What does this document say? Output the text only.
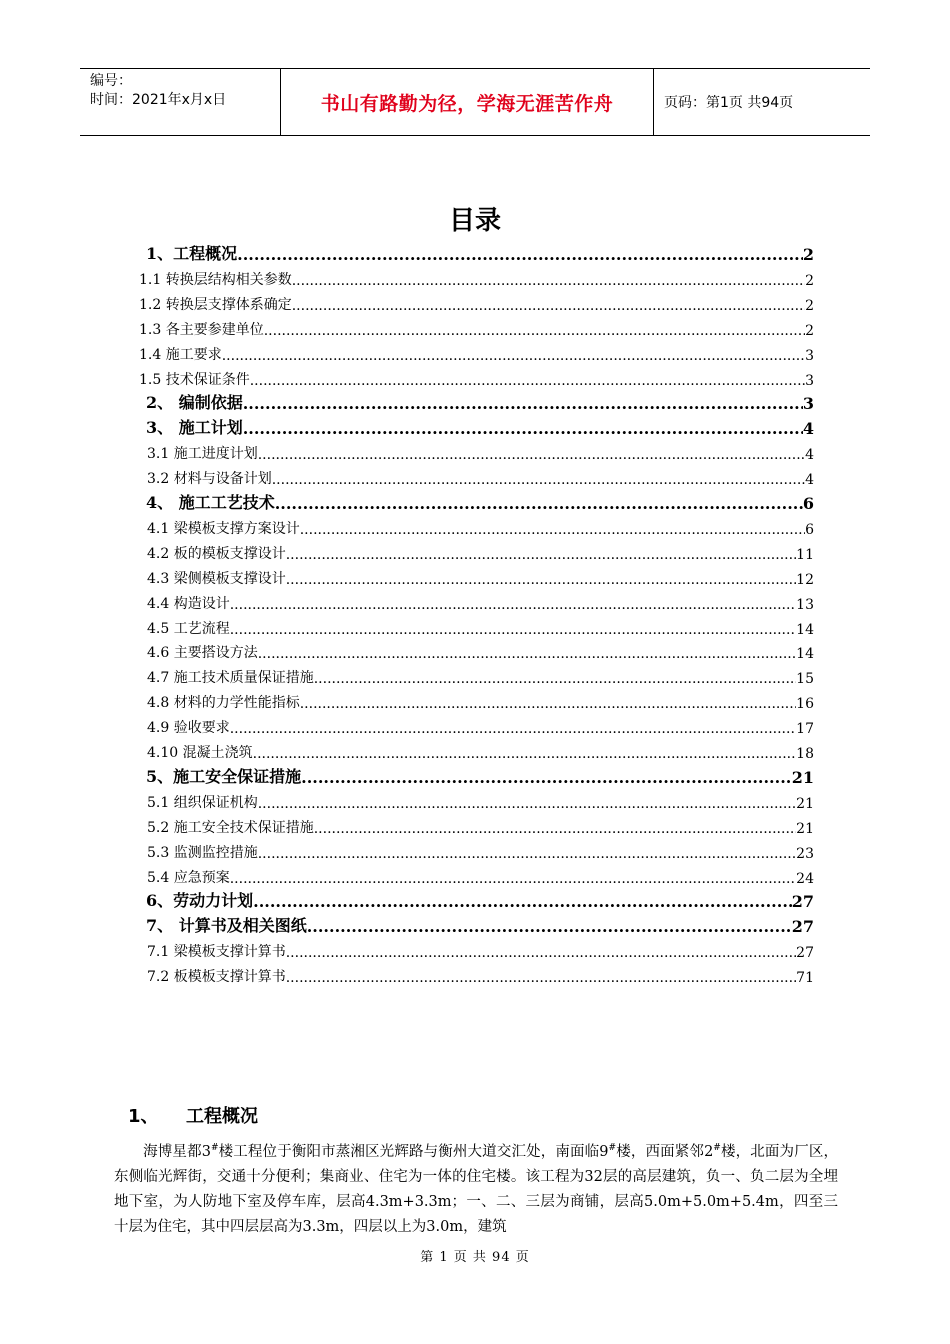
编号：
时间：2021年x月x日	书山有路勤为径，学海无涯苦作舟	页码：第1页 共94页
目录
1、工程概况 .....	2
1.1 转换层结构相关参数 .....	2
1.2 转换层支撑体系确定 .....	2
1.3 各主要参建单位 .....	2
1.4 施工要求 .....	3
1.5 技术保证条件 .....	3
2、 编制依据 .....	3
3、 施工计划 .....	4
3.1 施工进度计划 .....	4
3.2 材料与设备计划 .....	4
4、 施工工艺技术 .....	6
4.1 梁模板支撑方案设计 .....	6
4.2 板的模板支撑设计 .....	11
4.3 梁侧模板支撑设计 .....	12
4.4 构造设计 .....	13
4.5 工艺流程 .....	14
4.6 主要搭设方法 .....	14
4.7 施工技术质量保证措施 .....	15
4.8 材料的力学性能指标 .....	16
4.9 验收要求 .....	17
4.10 混凝土浇筑 .....	18
5、施工安全保证措施 .....	21
5.1 组织保证机构 .....	21
5.2 施工安全技术保证措施 .....	21
5.3 监测监控措施 .....	23
5.4 应急预案 .....	24
6、劳动力计划 .....	27
7、 计算书及相关图纸 .....	27
7.1 梁模板支撑计算书 .....	27
7.2 板模板支撑计算书 .....	71
1、 工程概况

  海博星都3#楼工程位于衡阳市蒸湘区光辉路与衡州大道交汇处，南面临9#楼，西面紧邻2#楼，北面为厂区，东侧临光辉街，交通十分便利；集商业、住宅为一体的住宅楼。该工程为32层的高层建筑，负一、负二层为全埋地下室，为人防地下室及停车库，层高4.3m+3.3m；一、二、三层为商铺，层高5.0m+5.0m+5.4m，四至三十层为住宅，其中四层层高为3.3m，四层以上为3.0m，建筑

第 1 页 共 94 页
